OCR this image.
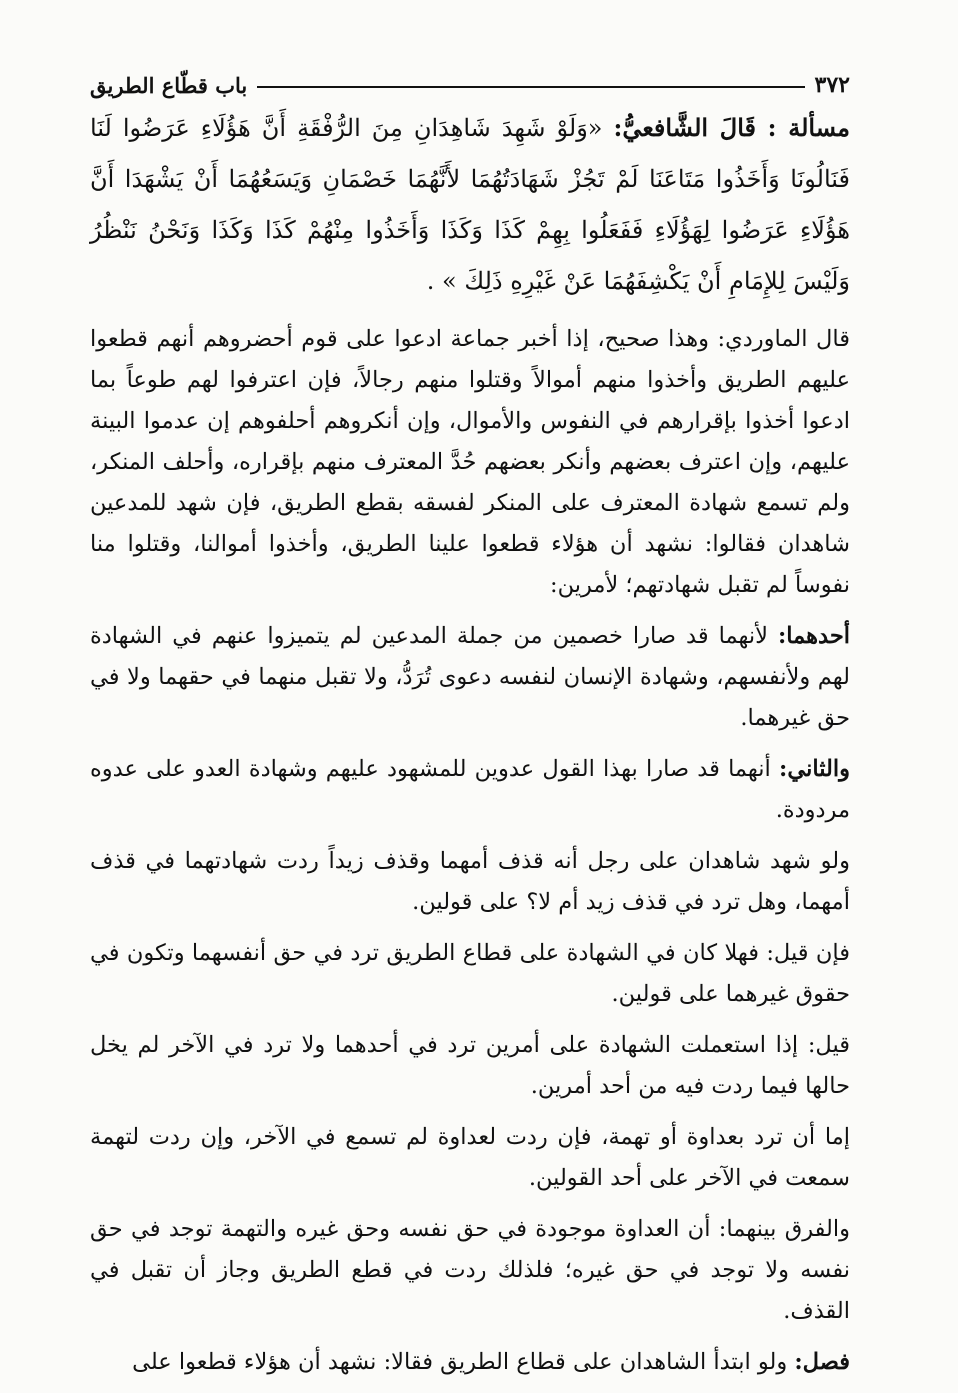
٣٧٢
باب قطّاع الطريق

مسألة : قَالَ الشَّافعيُّ: «وَلَوْ شَهِدَ شَاهِدَانِ مِنَ الرُّفْقَةِ أَنَّ هَؤُلَاءِ عَرَضُوا لَنَا فَنَالُونَا وَأَخَذُوا مَتَاعَنَا لَمْ تَجُزْ شَهَادَتُهُمَا لأَنَّهُمَا خَصْمَانِ وَيَسَعُهُمَا أَنْ يَشْهَدَا أَنَّ هَؤُلَاءِ عَرَضُوا لِهَؤُلَاءِ فَفَعَلُوا بِهِمْ كَذَا وَكَذَا وَأَخَذُوا مِنْهُمْ كَذَا وَكَذَا وَنَحْنُ نَنْظُرُ وَلَيْسَ لِلإِمَامِ أَنْ يَكْشِفَهُمَا عَنْ غَيْرِهِ ذَلِكَ » .

قال الماوردي: وهذا صحيح، إذا أخبر جماعة ادعوا على قوم أحضروهم أنهم قطعوا عليهم الطريق وأخذوا منهم أموالاً وقتلوا منهم رجالاً، فإن اعترفوا لهم طوعاً بما ادعوا أخذوا بإقرارهم في النفوس والأموال، وإن أنكروهم أحلفوهم إن عدموا البينة عليهم، وإن اعترف بعضهم وأنكر بعضهم حُدَّ المعترف منهم بإقراره، وأحلف المنكر، ولم تسمع شهادة المعترف على المنكر لفسقه بقطع الطريق، فإن شهد للمدعين شاهدان فقالوا: نشهد أن هؤلاء قطعوا علينا الطريق، وأخذوا أموالنا، وقتلوا منا نفوساً لم تقبل شهادتهم؛ لأمرين:

أحدهما: لأنهما قد صارا خصمين من جملة المدعين لم يتميزوا عنهم في الشهادة لهم ولأنفسهم، وشهادة الإنسان لنفسه دعوى تُرَدُّ، ولا تقبل منهما في حقهما ولا في حق غيرهما.

والثاني: أنهما قد صارا بهذا القول عدوين للمشهود عليهم وشهادة العدو على عدوه مردودة.

ولو شهد شاهدان على رجل أنه قذف أمهما وقذف زيداً ردت شهادتهما في قذف أمهما، وهل ترد في قذف زيد أم لا؟ على قولين.

فإن قيل: فهلا كان في الشهادة على قطاع الطريق ترد في حق أنفسهما وتكون في حقوق غيرهما على قولين.

قيل: إذا استعملت الشهادة على أمرين ترد في أحدهما ولا ترد في الآخر لم يخل حالها فيما ردت فيه من أحد أمرين.

إما أن ترد بعداوة أو تهمة، فإن ردت لعداوة لم تسمع في الآخر، وإن ردت لتهمة سمعت في الآخر على أحد القولين.

والفرق بينهما: أن العداوة موجودة في حق نفسه وحق غيره والتهمة توجد في حق نفسه ولا توجد في حق غيره؛ فلذلك ردت في قطع الطريق وجاز أن تقبل في القذف.

فصل: ولو ابتدأ الشاهدان على قطاع الطريق فقالا: نشهد أن هؤلاء قطعوا على
